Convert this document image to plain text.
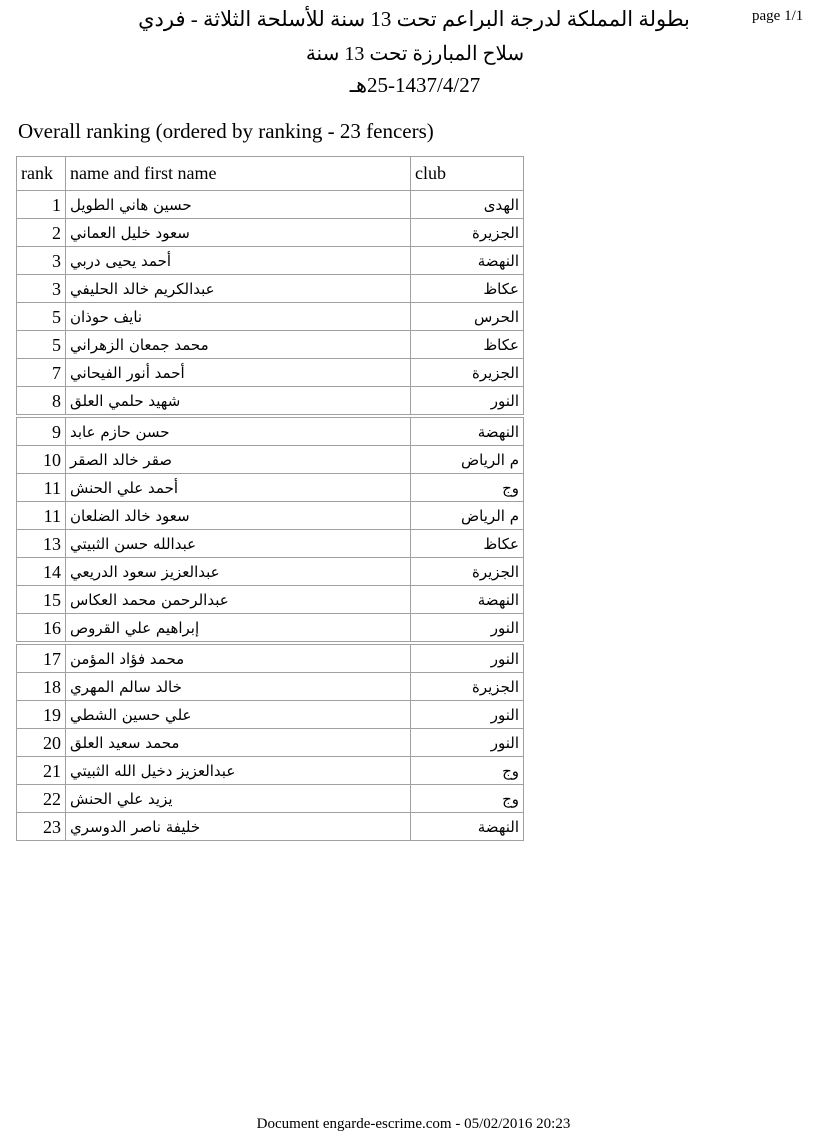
page 1/1
بطولة المملكة لدرجة البراعم تحت 13 سنة للأسلحة الثلاثة - فردي
سلاح المبارزة تحت 13 سنة
25-1437/4/27هـ
Overall ranking (ordered by ranking - 23 fencers)
rank	name and first name	club
1	حسين هاني الطويل	الهدى
2	سعود خليل العماني	الجزيرة
3	أحمد يحيى دربي	النهضة
3	عبدالكريم خالد الحليفي	عكاظ
5	نايف حوذان	الحرس
5	محمد جمعان الزهراني	عكاظ
7	أحمد أنور الفيحاني	الجزيرة
8	شهيد حلمي العلق	النور
9	حسن حازم عابد	النهضة
10	صقر خالد الصقر	م الرياض
11	أحمد علي الحنش	وج
11	سعود خالد الضلعان	م الرياض
13	عبدالله حسن الثبيتي	عكاظ
14	عبدالعزيز سعود الدريعي	الجزيرة
15	عبدالرحمن محمد العكاس	النهضة
16	إبراهيم علي القروص	النور
17	محمد فؤاد المؤمن	النور
18	خالد سالم المهري	الجزيرة
19	علي حسين الشطي	النور
20	محمد سعيد العلق	النور
21	عبدالعزيز دخيل الله الثبيتي	وج
22	يزيد علي الحنش	وج
23	خليفة ناصر الدوسري	النهضة
Document engarde-escrime.com - 05/02/2016 20:23
